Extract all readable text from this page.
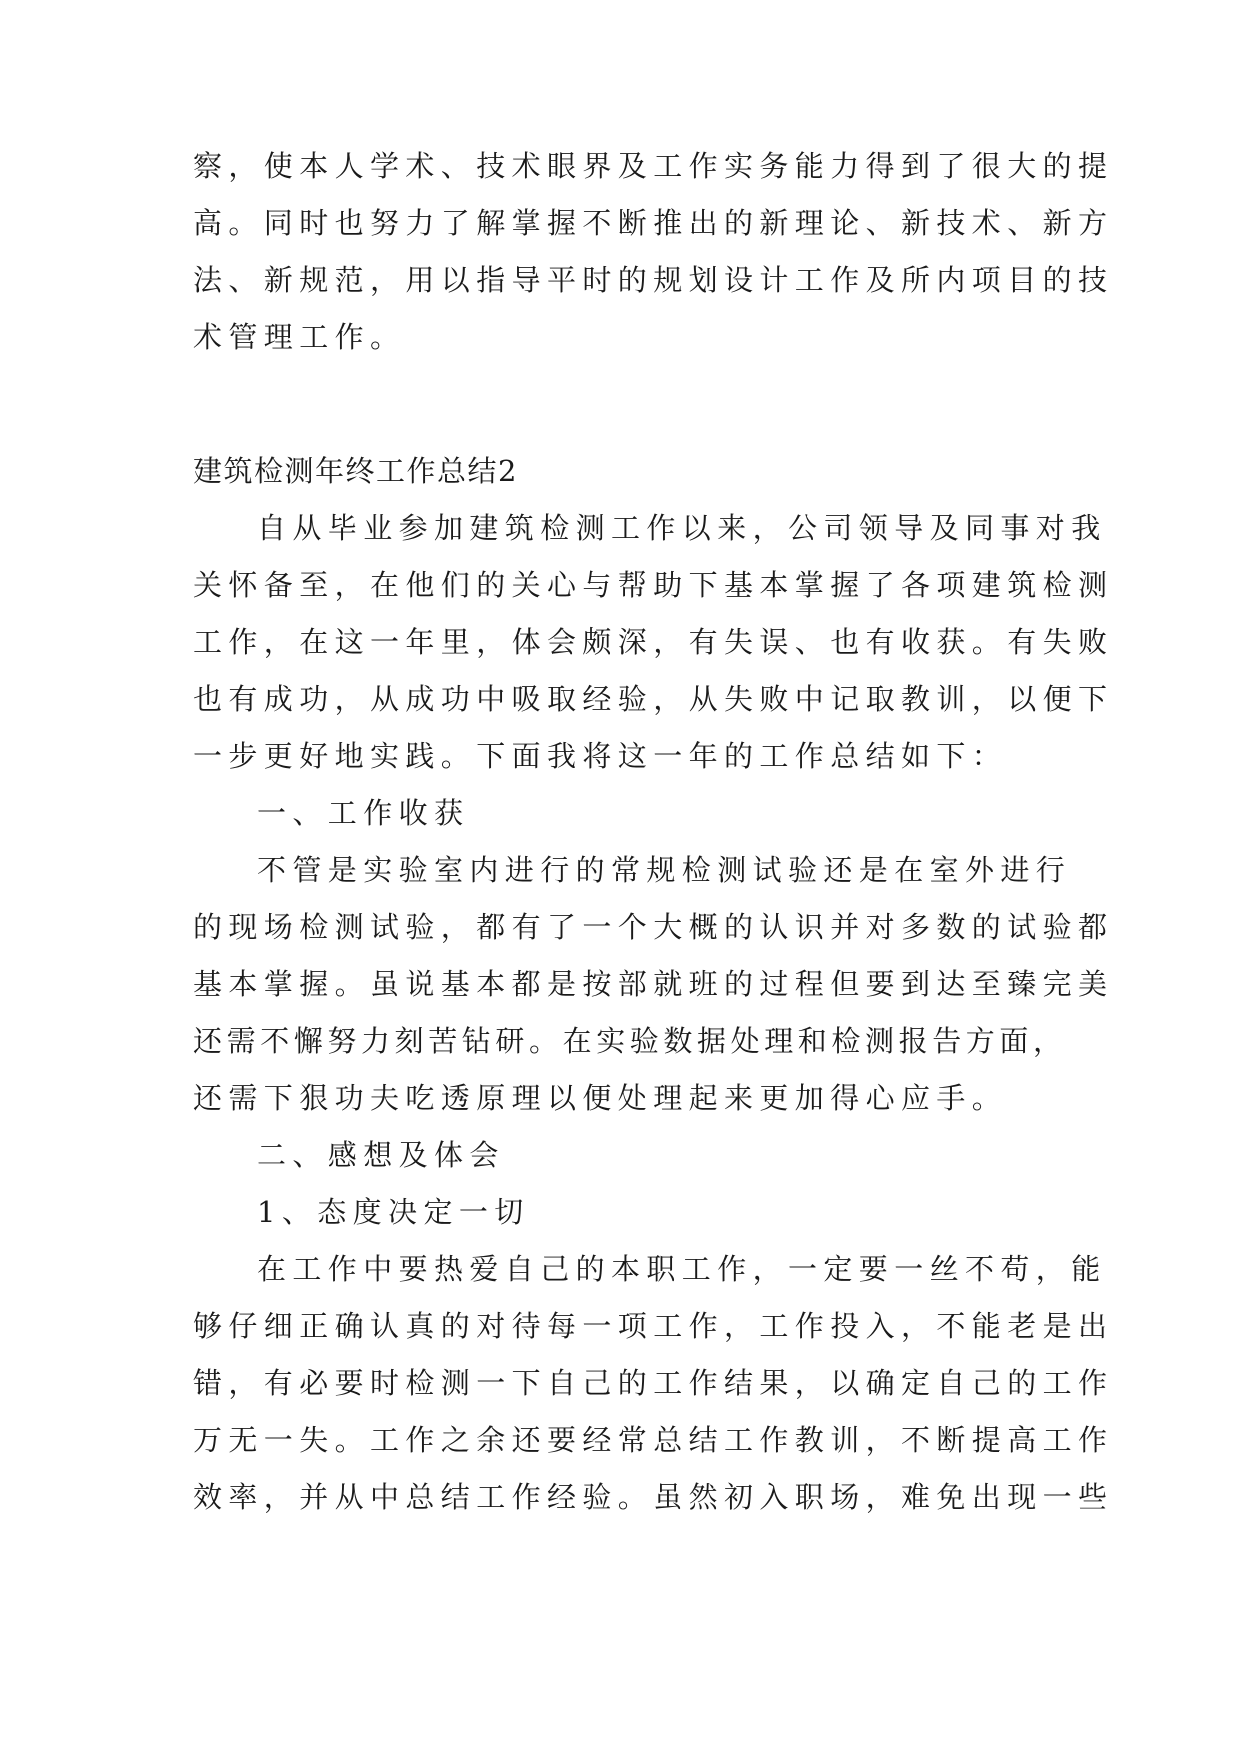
察，使本人学术、技术眼界及工作实务能力得到了很大的提
高。同时也努力了解掌握不断推出的新理论、新技术、新方
法、新规范，用以指导平时的规划设计工作及所内项目的技
术管理工作。
建筑检测年终工作总结2
自从毕业参加建筑检测工作以来，公司领导及同事对我
关怀备至，在他们的关心与帮助下基本掌握了各项建筑检测
工作，在这一年里，体会颇深，有失误、也有收获。有失败
也有成功，从成功中吸取经验，从失败中记取教训，以便下
一步更好地实践。下面我将这一年的工作总结如下：
一、工作收获
不管是实验室内进行的常规检测试验还是在室外进行
的现场检测试验，都有了一个大概的认识并对多数的试验都
基本掌握。虽说基本都是按部就班的过程但要到达至臻完美
还需不懈努力刻苦钻研。在实验数据处理和检测报告方面，
还需下狠功夫吃透原理以便处理起来更加得心应手。
二、感想及体会
1、态度决定一切
在工作中要热爱自己的本职工作，一定要一丝不苟，能
够仔细正确认真的对待每一项工作，工作投入，不能老是出
错，有必要时检测一下自己的工作结果，以确定自己的工作
万无一失。工作之余还要经常总结工作教训，不断提高工作
效率，并从中总结工作经验。虽然初入职场，难免出现一些
